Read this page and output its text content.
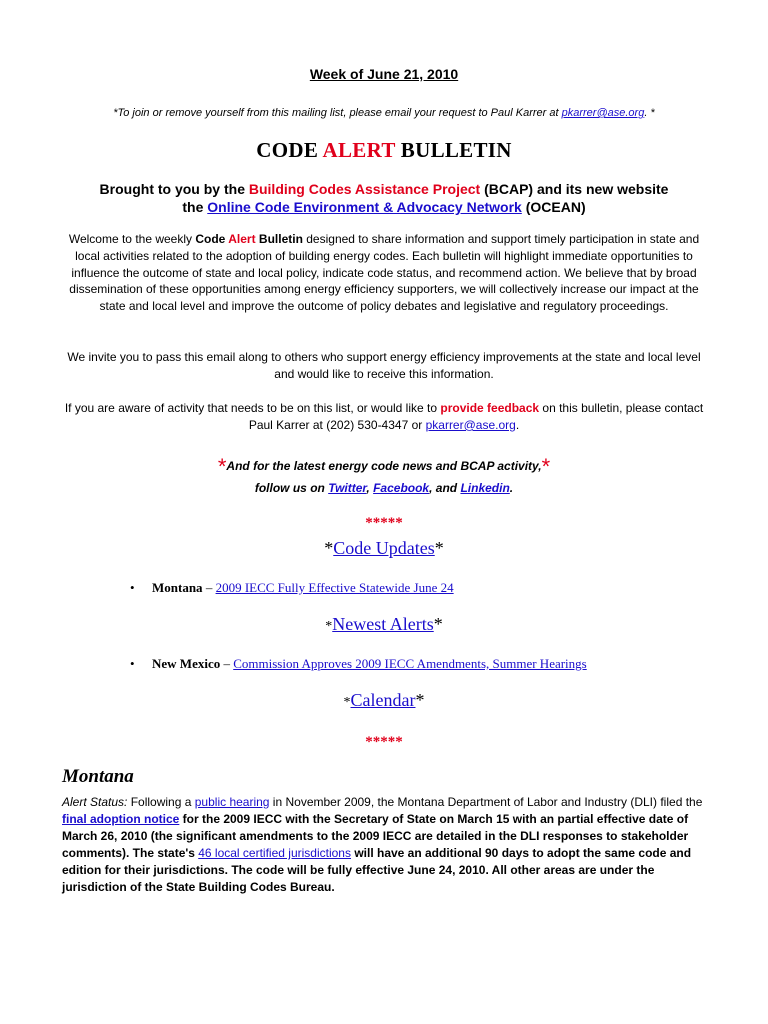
Week of June 21, 2010
*To join or remove yourself from this mailing list, please email your request to Paul Karrer at pkarrer@ase.org. *
CODE ALERT BULLETIN
Brought to you by the Building Codes Assistance Project (BCAP) and its new website
the Online Code Environment & Advocacy Network (OCEAN)
Welcome to the weekly Code Alert Bulletin designed to share information and support timely participation in state and local activities related to the adoption of building energy codes. Each bulletin will highlight immediate opportunities to influence the outcome of state and local policy, indicate code status, and recommend action. We believe that by broad dissemination of these opportunities among energy efficiency supporters, we will collectively increase our impact at the state and local level and improve the outcome of policy debates and legislative and regulatory proceedings.
We invite you to pass this email along to others who support energy efficiency improvements at the state and local level and would like to receive this information.
If you are aware of activity that needs to be on this list, or would like to provide feedback on this bulletin, please contact Paul Karrer at (202) 530-4347 or pkarrer@ase.org.
*And for the latest energy code news and BCAP activity,*
follow us on Twitter, Facebook, and Linkedin.
*****
*Code Updates*
• Montana – 2009 IECC Fully Effective Statewide June 24
*Newest Alerts*
• New Mexico – Commission Approves 2009 IECC Amendments, Summer Hearings
*Calendar*
*****
Montana
Alert Status: Following a public hearing in November 2009, the Montana Department of Labor and Industry (DLI) filed the final adoption notice for the 2009 IECC with the Secretary of State on March 15 with an partial effective date of March 26, 2010 (the significant amendments to the 2009 IECC are detailed in the DLI responses to stakeholder comments). The state's 46 local certified jurisdictions will have an additional 90 days to adopt the same code and edition for their jurisdictions. The code will be fully effective June 24, 2010. All other areas are under the jurisdiction of the State Building Codes Bureau.
